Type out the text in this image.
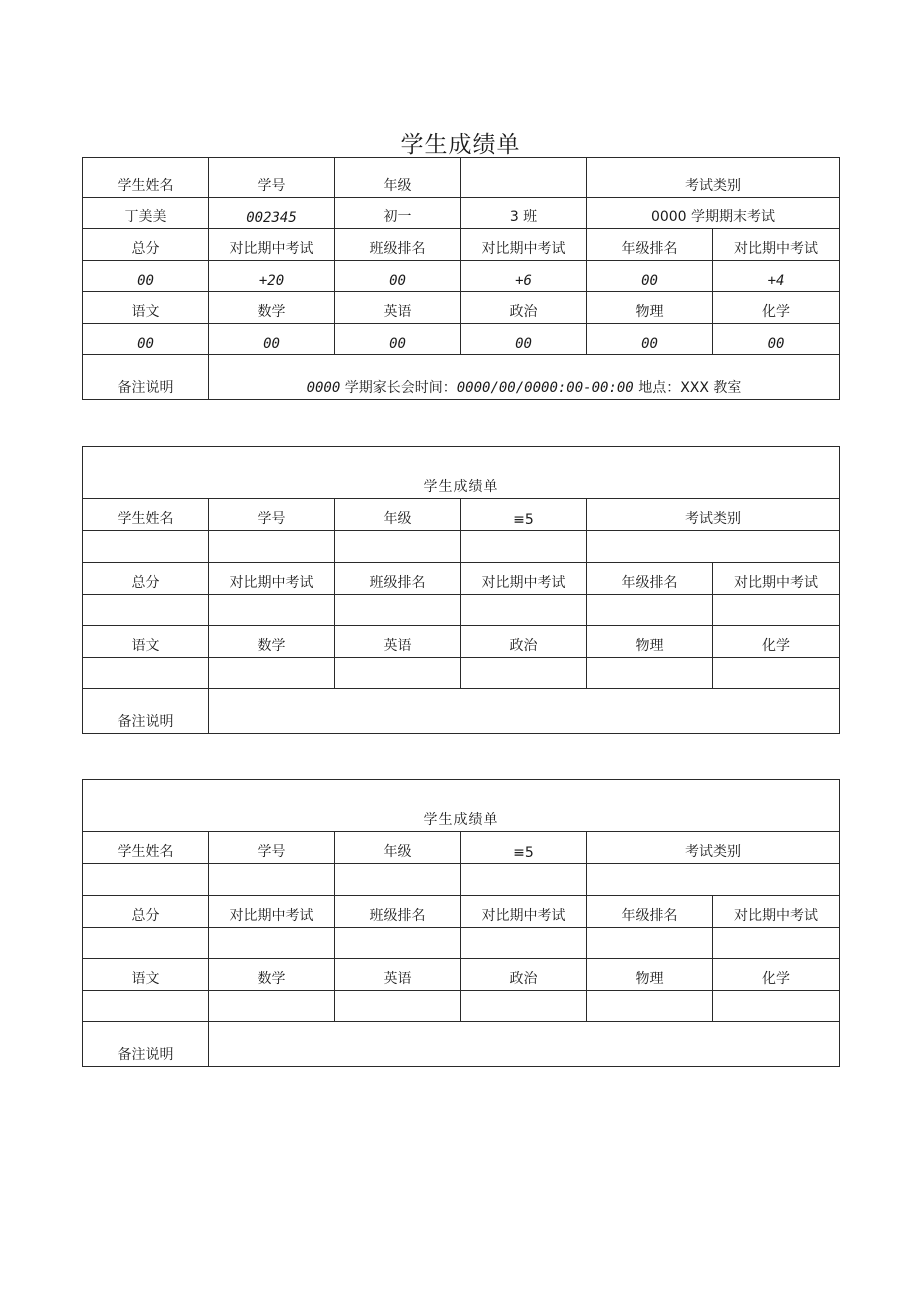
学生成绩单
学生姓名	学号	年级		考试类别	
丁美美	002345	初一	3 班	0000 学期期末考试	
总分	对比期中考试	班级排名	对比期中考试	年级排名	对比期中考试
00	+20	00	+6	00	+4
语文	数学	英语	政治	物理	化学
00	00	00	00	00	00
备注说明	0000 学期家长会时间：0000/00/0000:00-00:00 地点：XXX 教室				
学生成绩单					
学生姓名	学号	年级	≡5	考试类别	

总分	对比期中考试	班级排名	对比期中考试	年级排名	对比期中考试

语文	数学	英语	政治	物理	化学

备注说明					
学生成绩单					
学生姓名	学号	年级	≡5	考试类别	

总分	对比期中考试	班级排名	对比期中考试	年级排名	对比期中考试

语文	数学	英语	政治	物理	化学

备注说明					
